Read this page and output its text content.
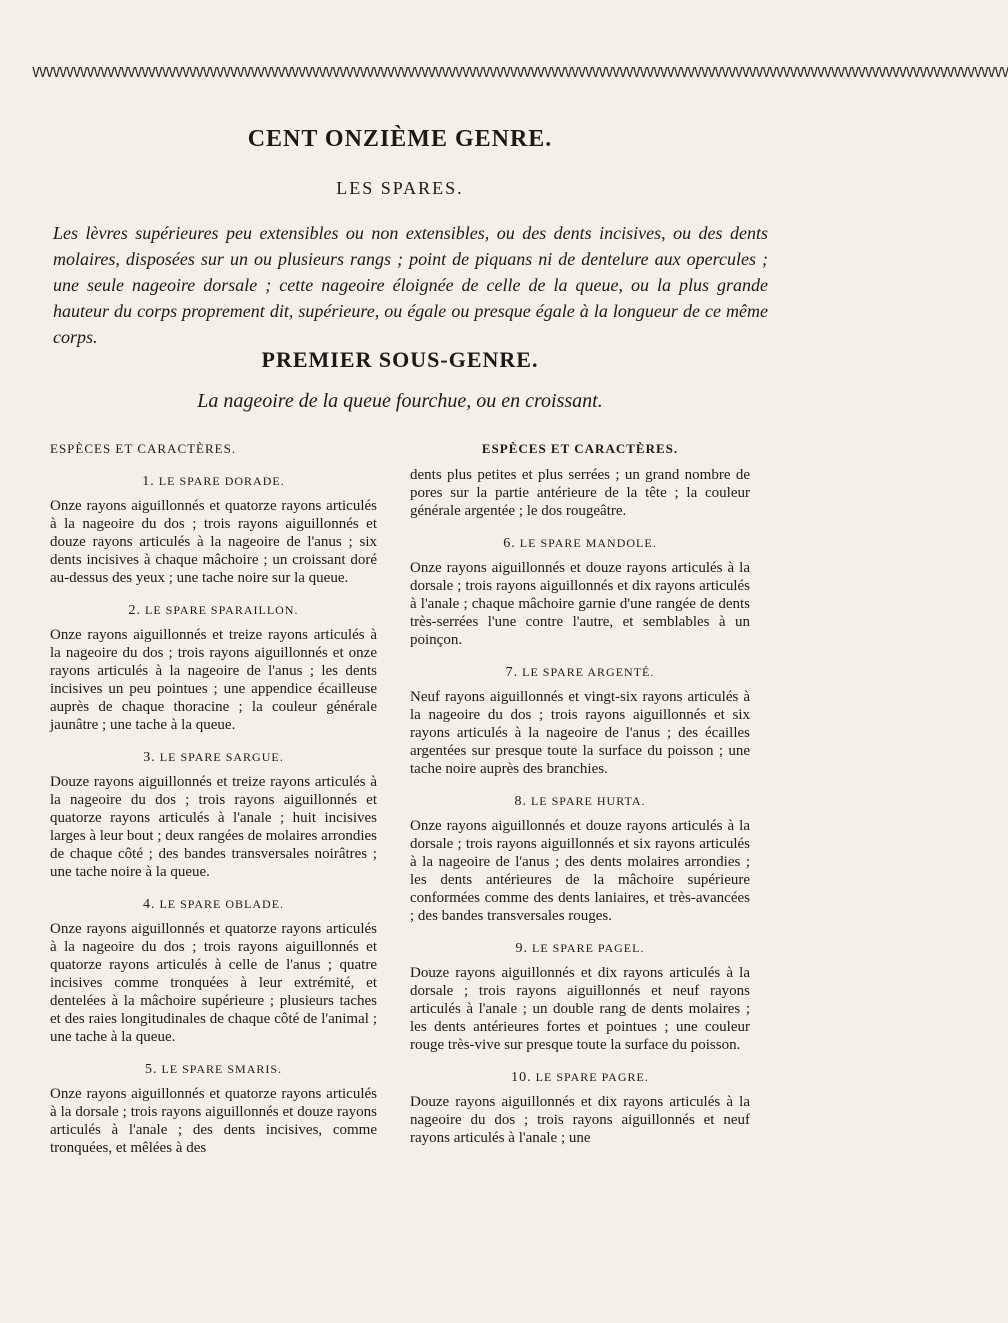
VVVVVVVVVVVVVVVVVVVVVVVVVVVVVVVVVVVVVVVVVVVVVVVVVVVVVVVVVVVVVVVVVVVVVVVVVVVVVVVVVVVVVVVVVVVVVVVVVVVVVVVVVVVVVVVVVVVVVVVVVVVVVVVVVVVVVVVVVVVVVVV
CENT ONZIÈME GENRE.
LES SPARES.
Les lèvres supérieures peu extensibles ou non extensibles, ou des dents incisives, ou des dents molaires, disposées sur un ou plusieurs rangs ; point de piquans ni de dentelure aux opercules ; une seule nageoire dorsale ; cette nageoire éloignée de celle de la queue, ou la plus grande hauteur du corps proprement dit, supérieure, ou égale ou presque égale à la longueur de ce même corps.
PREMIER SOUS-GENRE.
La nageoire de la queue fourchue, ou en croissant.
ESPÈCES ET CARACTÈRES.
1. LE SPARE DORADE.

Onze rayons aiguillonnés et quatorze rayons articulés à la nageoire du dos ; trois rayons aiguillonnés et douze rayons articulés à la nageoire de l'anus ; six dents incisives à chaque mâchoire ; un croissant doré au-dessus des yeux ; une tache noire sur la queue.

2. LE SPARE SPARAILLON.

Onze rayons aiguillonnés et treize rayons articulés à la nageoire du dos ; trois rayons aiguillonnés et onze rayons articulés à la nageoire de l'anus ; les dents incisives un peu pointues ; une appendice écailleuse auprès de chaque thoracine ; la couleur générale jaunâtre ; une tache à la queue.

3. LE SPARE SARGUE.

Douze rayons aiguillonnés et treize rayons articulés à la nageoire du dos ; trois rayons aiguillonnés et quatorze rayons articulés à l'anale ; huit incisives larges à leur bout ; deux rangées de molaires arrondies de chaque côté ; des bandes transversales noirâtres ; une tache noire à la queue.

4. LE SPARE OBLADE.

Onze rayons aiguillonnés et quatorze rayons articulés à la nageoire du dos ; trois rayons aiguillonnés et quatorze rayons articulés à celle de l'anus ; quatre incisives comme tronquées à leur extrémité, et dentelées à la mâchoire supérieure ; plusieurs taches et des raies longitudinales de chaque côté de l'animal ; une tache à la queue.

5. LE SPARE SMARIS.

Onze rayons aiguillonnés et quatorze rayons articulés à la dorsale ; trois rayons aiguillonnés et douze rayons articulés à l'anale ; des dents incisives, comme tronquées, et mêlées à des

ESPÈCES ET CARACTÈRES.

dents plus petites et plus serrées ; un grand nombre de pores sur la partie antérieure de la tête ; la couleur générale argentée ; le dos rougeâtre.

6. LE SPARE MANDOLE.

Onze rayons aiguillonnés et douze rayons articulés à la dorsale ; trois rayons aiguillonnés et dix rayons articulés à l'anale ; chaque mâchoire garnie d'une rangée de dents très-serrées l'une contre l'autre, et semblables à un poinçon.

7. LE SPARE ARGENTÉ.

Neuf rayons aiguillonnés et vingt-six rayons articulés à la nageoire du dos ; trois rayons aiguillonnés et six rayons articulés à la nageoire de l'anus ; des écailles argentées sur presque toute la surface du poisson ; une tache noire auprès des branchies.

8. LE SPARE HURTA.

Onze rayons aiguillonnés et douze rayons articulés à la dorsale ; trois rayons aiguillonnés et six rayons articulés à la nageoire de l'anus ; des dents molaires arrondies ; les dents antérieures de la mâchoire supérieure conformées comme des dents laniaires, et très-avancées ; des bandes transversales rouges.

9. LE SPARE PAGEL.

Douze rayons aiguillonnés et dix rayons articulés à la dorsale ; trois rayons aiguillonnés et neuf rayons articulés à l'anale ; un double rang de dents molaires ; les dents antérieures fortes et pointues ; une couleur rouge très-vive sur presque toute la surface du poisson.

10. LE SPARE PAGRE.

Douze rayons aiguillonnés et dix rayons articulés à la nageoire du dos ; trois rayons aiguillonnés et neuf rayons articulés à l'anale ; une
